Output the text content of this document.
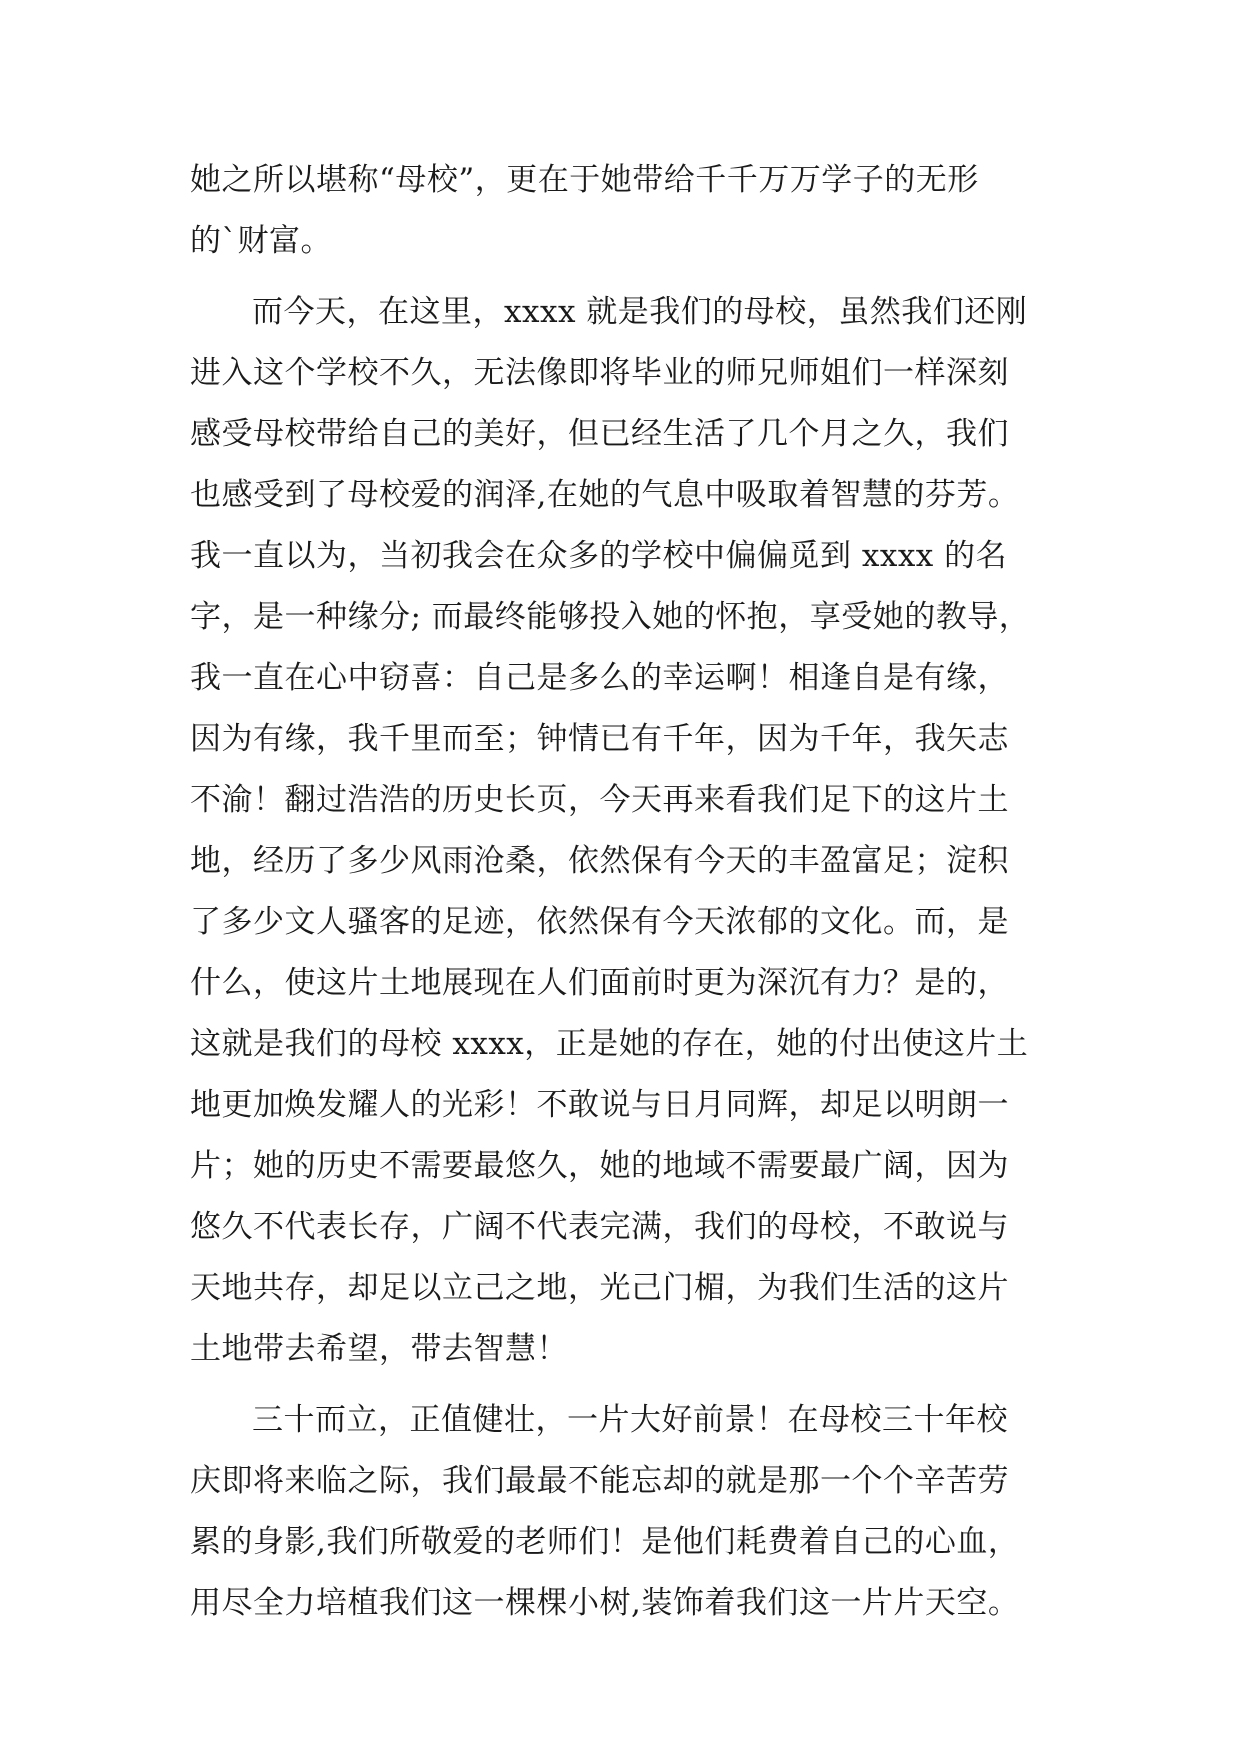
她之所以堪称“母校”，更在于她带给千千万万学子的无形
的`财富。
而今天，在这里，xxxx 就是我们的母校，虽然我们还刚
进入这个学校不久，无法像即将毕业的师兄师姐们一样深刻
感受母校带给自己的美好，但已经生活了几个月之久，我们
也感受到了母校爱的润泽,在她的气息中吸取着智慧的芬芳。
我一直以为，当初我会在众多的学校中偏偏觅到 xxxx 的名
字，是一种缘分; 而最终能够投入她的怀抱，享受她的教导，
我一直在心中窃喜：自己是多么的幸运啊！相逢自是有缘，
因为有缘，我千里而至；钟情已有千年，因为千年，我矢志
不渝！翻过浩浩的历史长页，今天再来看我们足下的这片土
地，经历了多少风雨沧桑，依然保有今天的丰盈富足；淀积
了多少文人骚客的足迹，依然保有今天浓郁的文化。而，是
什么，使这片土地展现在人们面前时更为深沉有力？是的，
这就是我们的母校 xxxx，正是她的存在，她的付出使这片土
地更加焕发耀人的光彩！不敢说与日月同辉，却足以明朗一
片；她的历史不需要最悠久，她的地域不需要最广阔，因为
悠久不代表长存，广阔不代表完满，我们的母校，不敢说与
天地共存，却足以立己之地，光己门楣，为我们生活的这片
土地带去希望，带去智慧！
三十而立，正值健壮，一片大好前景！在母校三十年校
庆即将来临之际，我们最最不能忘却的就是那一个个辛苦劳
累的身影,我们所敬爱的老师们！是他们耗费着自己的心血，
用尽全力培植我们这一棵棵小树,装饰着我们这一片片天空。
